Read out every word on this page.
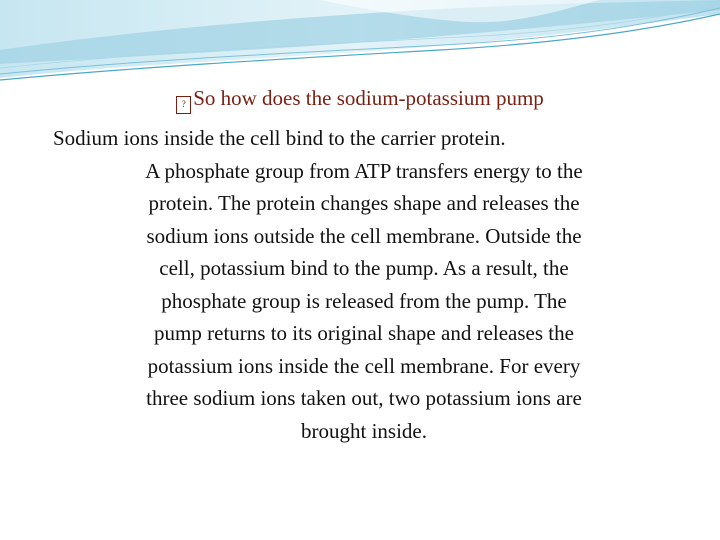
? So how does the sodium-potassium pump
Sodium ions inside the cell bind to the carrier protein.
A phosphate group from ATP transfers energy to the
protein. The protein changes shape and releases the
sodium ions outside the cell membrane. Outside the
cell, potassium bind to the pump. As a result, the
phosphate group is released from the pump. The
pump returns to its original shape and releases the
potassium ions inside the cell membrane. For every
three sodium ions taken out, two potassium ions are
brought inside.
